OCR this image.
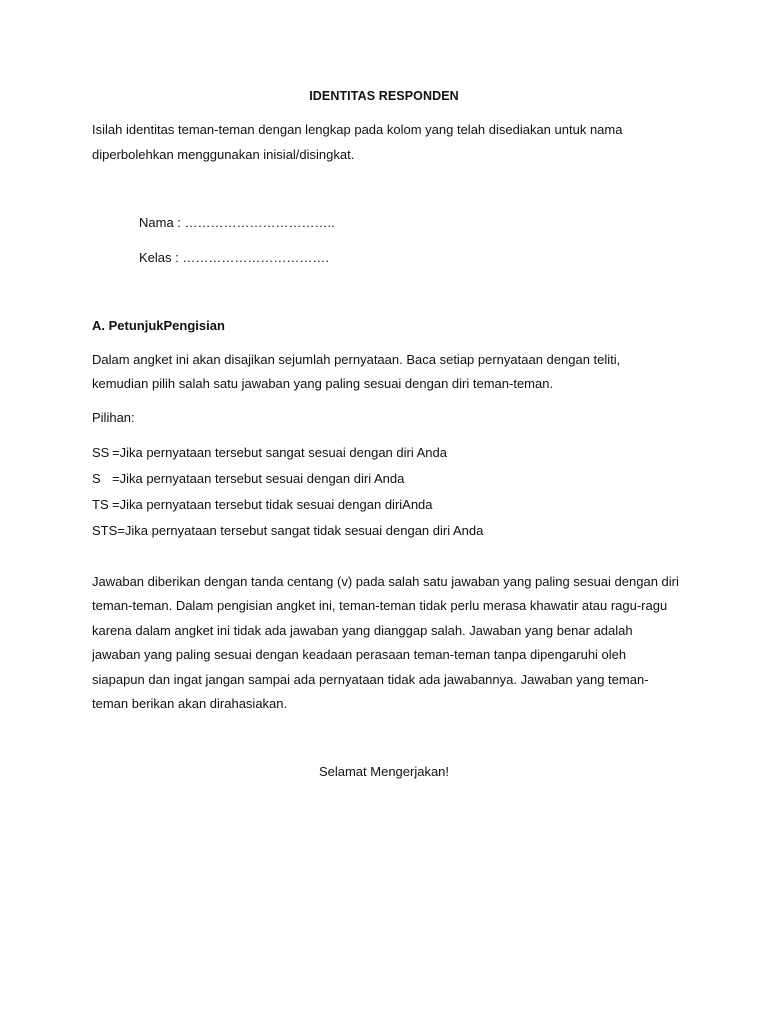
IDENTITAS RESPONDEN
Isilah identitas teman-teman dengan lengkap pada kolom yang telah disediakan untuk nama
diperbolehkan menggunakan inisial/disingkat.
Nama : ……………………………..
Kelas : …………………………….
A. PetunjukPengisian
Dalam angket ini akan disajikan sejumlah pernyataan. Baca setiap pernyataan dengan teliti,
kemudian pilih salah satu jawaban yang paling sesuai dengan diri teman-teman.
Pilihan:
SS =Jika pernyataan tersebut sangat sesuai dengan diri Anda
S =Jika pernyataan tersebut sesuai dengan diri Anda
TS =Jika pernyataan tersebut tidak sesuai dengan diriAnda
STS=Jika pernyataan tersebut sangat tidak sesuai dengan diri Anda
Jawaban diberikan dengan tanda centang (v) pada salah satu jawaban yang paling sesuai dengan diri
teman-teman. Dalam pengisian angket ini, teman-teman tidak perlu merasa khawatir atau ragu-ragu
karena dalam angket ini tidak ada jawaban yang dianggap salah. Jawaban yang benar adalah
jawaban yang paling sesuai dengan keadaan perasaan teman-teman tanpa dipengaruhi oleh
siapapun dan ingat jangan sampai ada pernyataan tidak ada jawabannya. Jawaban yang teman-
teman berikan akan dirahasiakan.
Selamat Mengerjakan!
